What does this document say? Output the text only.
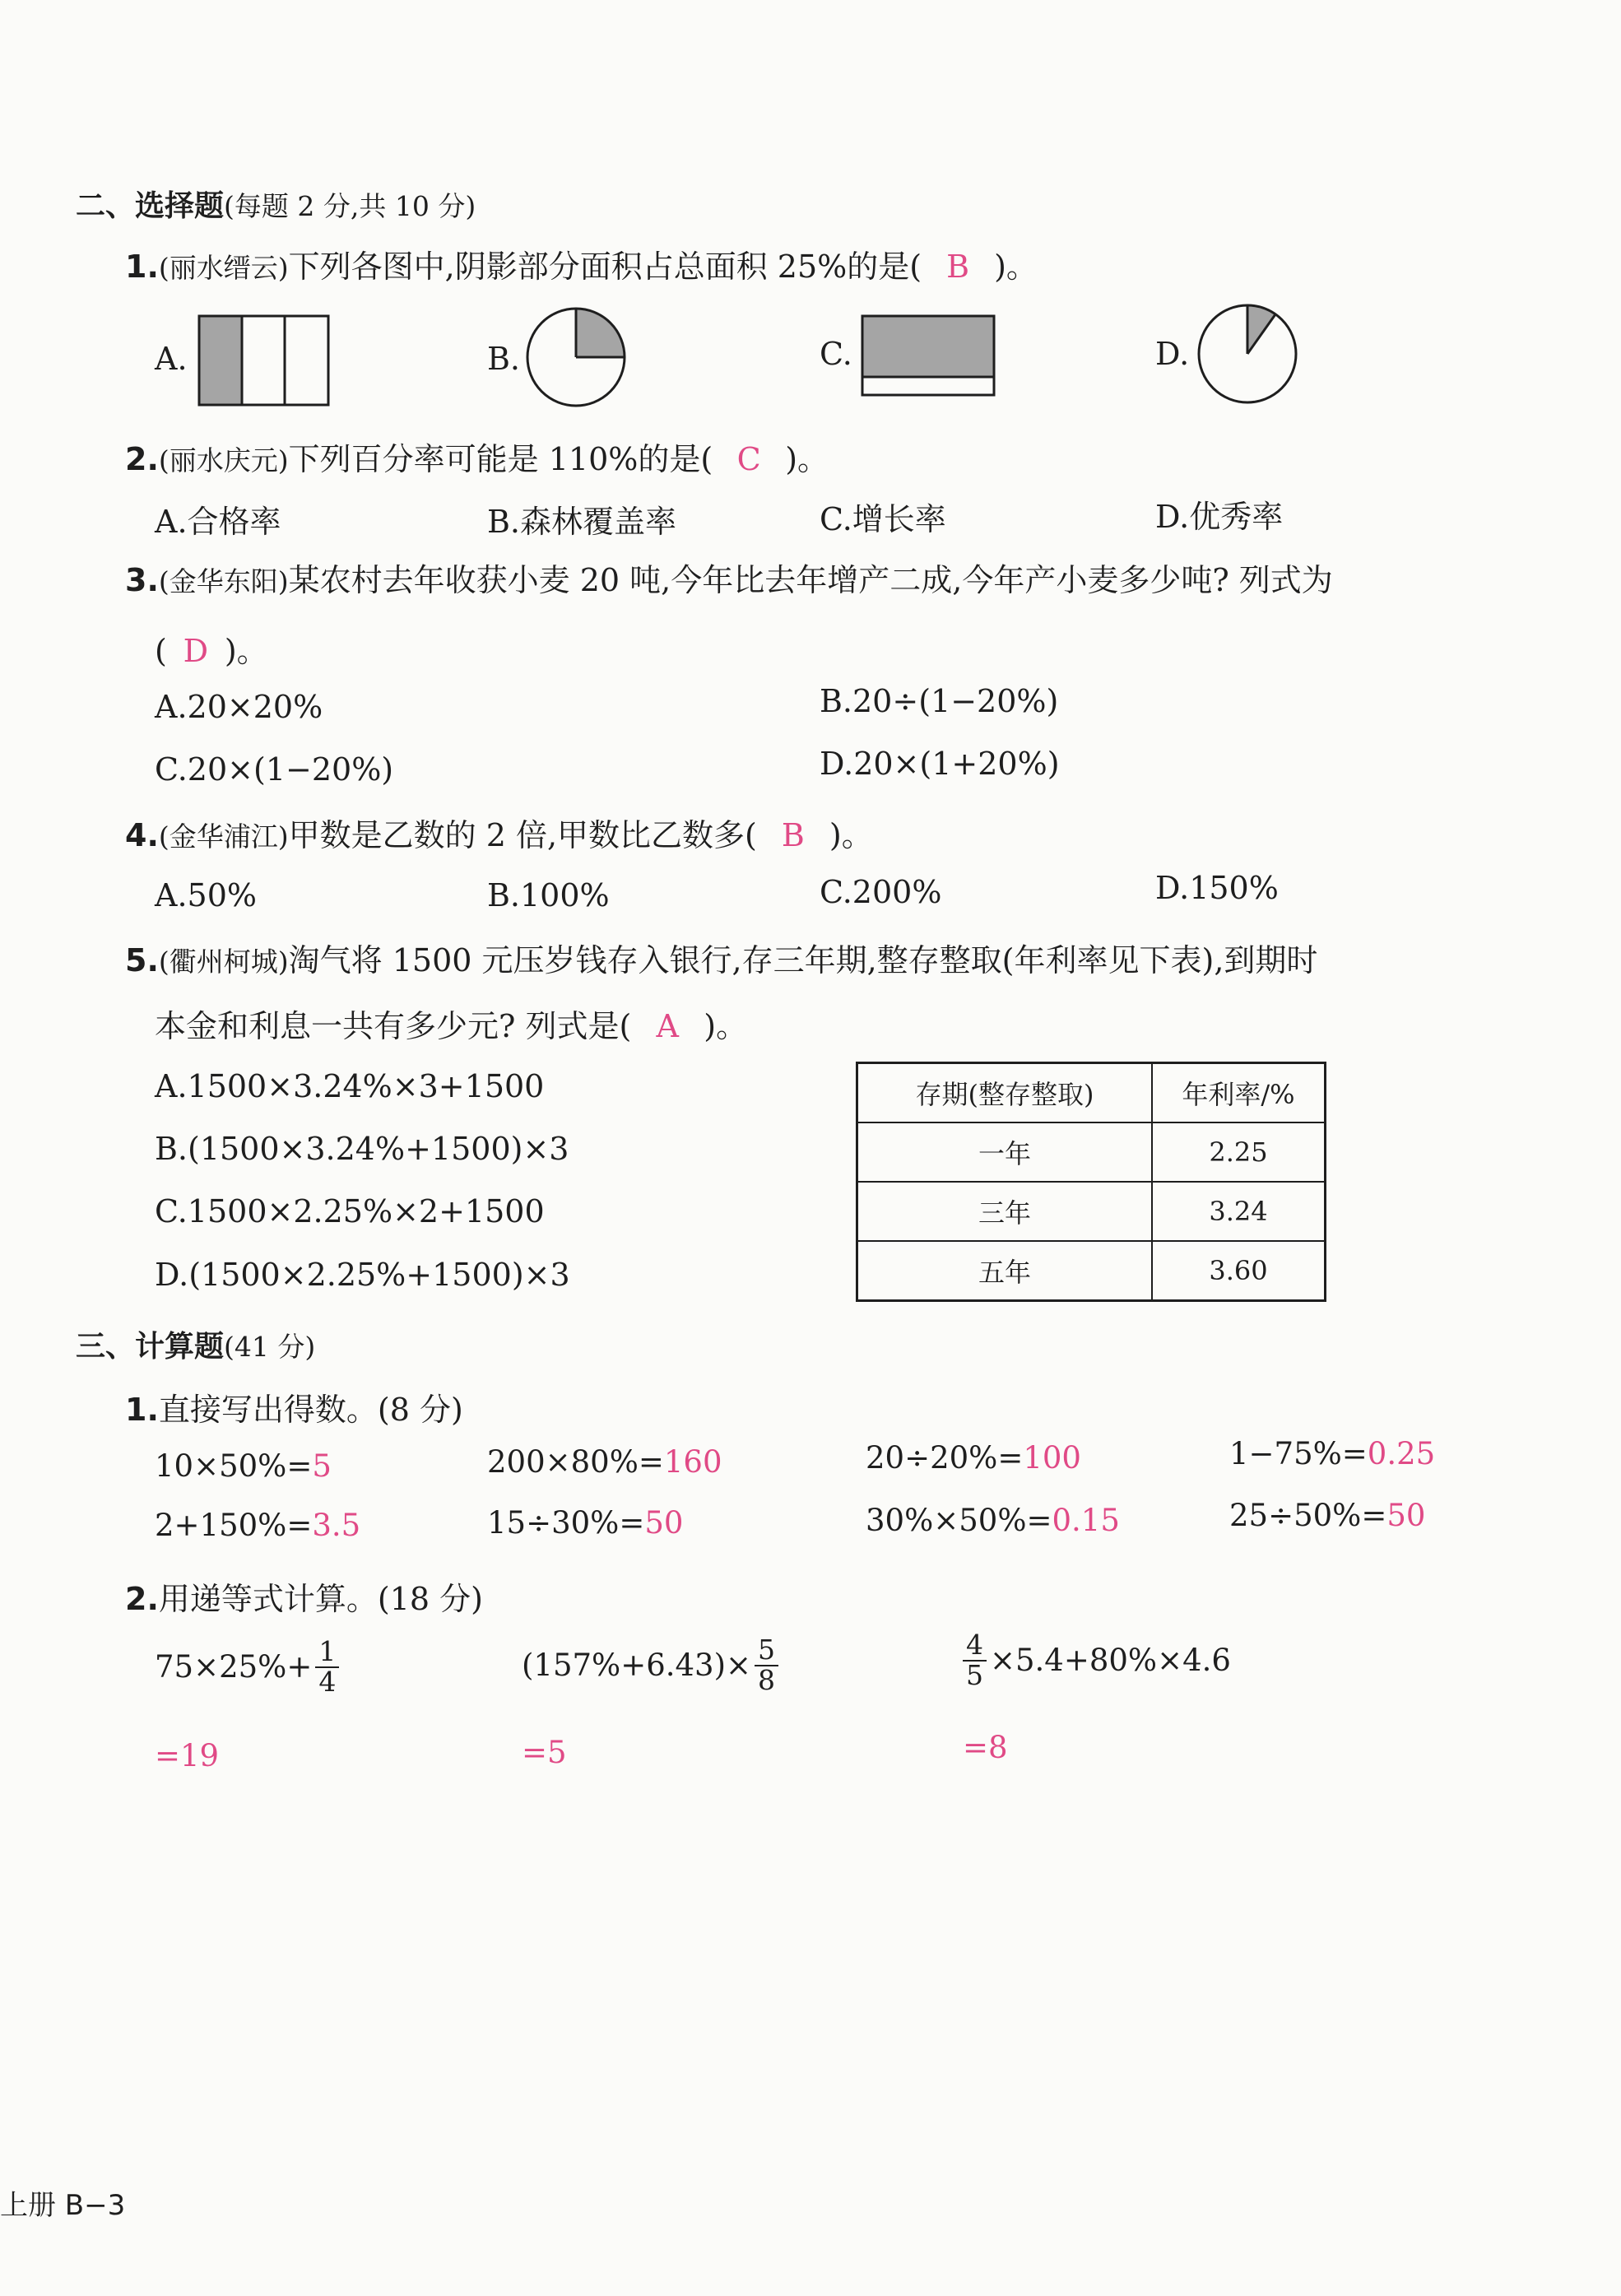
二、选择题(每题 2 分,共 10 分)
1.(丽水缙云)下列各图中,阴影部分面积占总面积 25%的是( B )。
A.	B.	C.	D.
2.(丽水庆元)下列百分率可能是 110%的是( C )。
A.合格率	B.森林覆盖率	C.增长率	D.优秀率
3.(金华东阳)某农村去年收获小麦 20 吨,今年比去年增产二成,今年产小麦多少吨? 列式为
( D )。
A.20×20%	B.20÷(1−20%)
C.20×(1−20%)	D.20×(1+20%)
4.(金华浦江)甲数是乙数的 2 倍,甲数比乙数多( B )。
A.50%	B.100%	C.200%	D.150%
5.(衢州柯城)淘气将 1500 元压岁钱存入银行,存三年期,整存整取(年利率见下表),到期时
本金和利息一共有多少元? 列式是( A )。
A.1500×3.24%×3+1500
B.(1500×3.24%+1500)×3
C.1500×2.25%×2+1500
D.(1500×2.25%+1500)×3
存期(整存整取)	年利率/%
一年	2.25
三年	3.24
五年	3.60
三、计算题(41 分)
1.直接写出得数。(8 分)
10×50%=5	200×80%=160	20÷20%=100	1−75%=0.25
2+150%=3.5	15÷30%=50	30%×50%=0.15	25÷50%=50
2.用递等式计算。(18 分)
$75\times 25\%+ \frac{1}{4}$
=19
$(157\%+6.43)\times \frac{5}{8}$
=5
$\frac{4}{5} \times 5.4+80\%\times 4.6$
=8
上册 B−3
